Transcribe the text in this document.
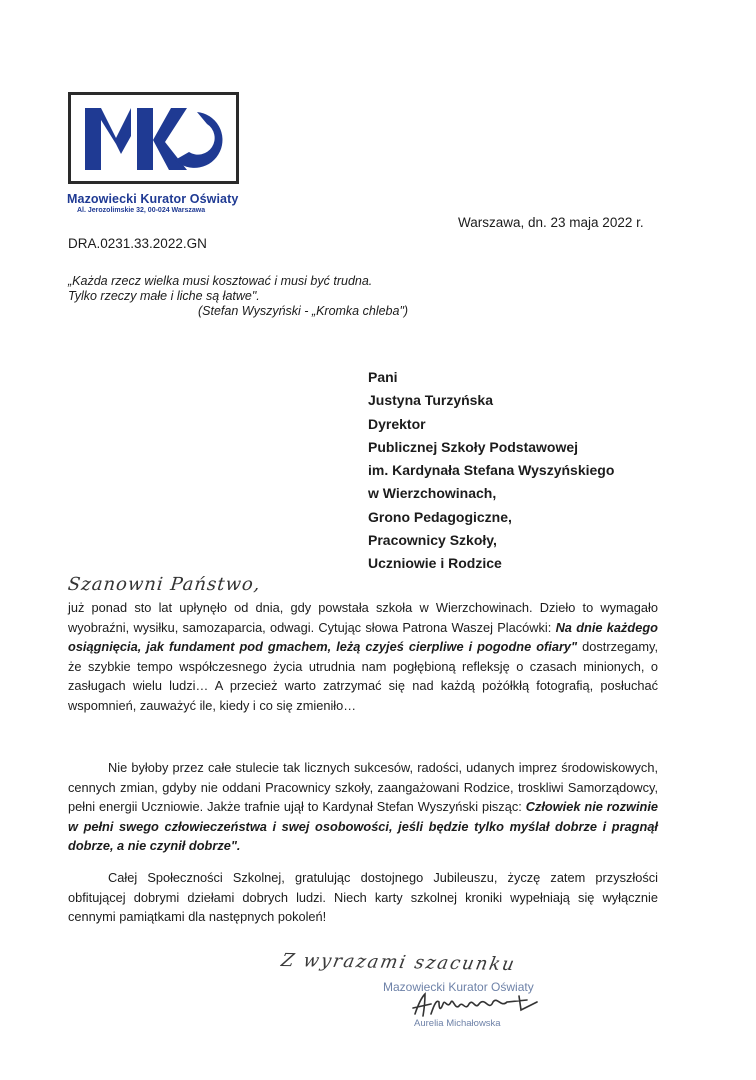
Mazowiecki Kurator Oświaty
Al. Jerozolimskie 32, 00-024 Warszawa
Warszawa, dn. 23 maja 2022 r.
DRA.0231.33.2022.GN
„Każda rzecz wielka musi kosztować i musi być trudna.
Tylko rzeczy małe i liche są łatwe".
(Stefan Wyszyński - „Kromka chleba")
Pani
Justyna Turzyńska
Dyrektor
Publicznej Szkoły Podstawowej
im. Kardynała Stefana Wyszyńskiego
w Wierzchowinach,
Grono Pedagogiczne,
Pracownicy Szkoły,
Uczniowie i Rodzice
Szanowni Państwo,
już ponad sto lat upłynęło od dnia, gdy powstała szkoła w Wierzchowinach. Dzieło to wymagało wyobraźni, wysiłku, samozaparcia, odwagi. Cytując słowa Patrona Waszej Placówki: Na dnie każdego osiągnięcia, jak fundament pod gmachem, leżą czyjeś cierpliwe i pogodne ofiary" dostrzegamy, że szybkie tempo współczesnego życia utrudnia nam pogłębioną refleksję o czasach minionych, o zasługach wielu ludzi… A przecież warto zatrzymać się nad każdą pożółkłą fotografią, posłuchać wspomnień, zauważyć ile, kiedy i co się zmieniło…
Nie byłoby przez całe stulecie tak licznych sukcesów, radości, udanych imprez środowiskowych, cennych zmian, gdyby nie oddani Pracownicy szkoły, zaangażowani Rodzice, troskliwi Samorządowcy, pełni energii Uczniowie. Jakże trafnie ujął to Kardynał Stefan Wyszyński pisząc: Człowiek nie rozwinie w pełni swego człowieczeństwa i swej osobowości, jeśli będzie tylko myślał dobrze i pragnął dobrze, a nie czynił dobrze".
Całej Społeczności Szkolnej, gratulując dostojnego Jubileuszu, życzę zatem przyszłości obfitującej dobrymi dziełami dobrych ludzi. Niech karty szkolnej kroniki wypełniają się wyłącznie cennymi pamiątkami dla następnych pokoleń!
Z wyrazami szacunku
Mazowiecki Kurator Oświaty
Aurelia Michałowska
